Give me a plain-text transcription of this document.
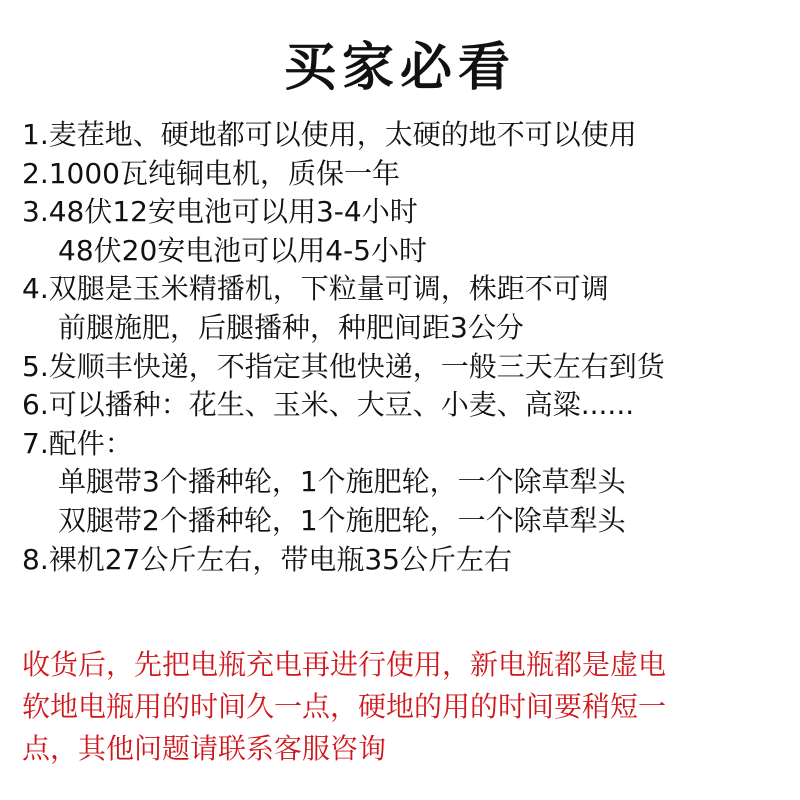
买家必看
1.麦茬地、硬地都可以使用，太硬的地不可以使用
2.1000瓦纯铜电机，质保一年
3.48伏12安电池可以用3-4小时
48伏20安电池可以用4-5小时
4.双腿是玉米精播机，下粒量可调，株距不可调
前腿施肥，后腿播种，种肥间距3公分
5.发顺丰快递，不指定其他快递，一般三天左右到货
6.可以播种：花生、玉米、大豆、小麦、高粱......
7.配件：
单腿带3个播种轮，1个施肥轮，一个除草犁头
双腿带2个播种轮，1个施肥轮，一个除草犁头
8.裸机27公斤左右，带电瓶35公斤左右
收货后，先把电瓶充电再进行使用，新电瓶都是虚电
软地电瓶用的时间久一点，硬地的用的时间要稍短一
点，其他问题请联系客服咨询
